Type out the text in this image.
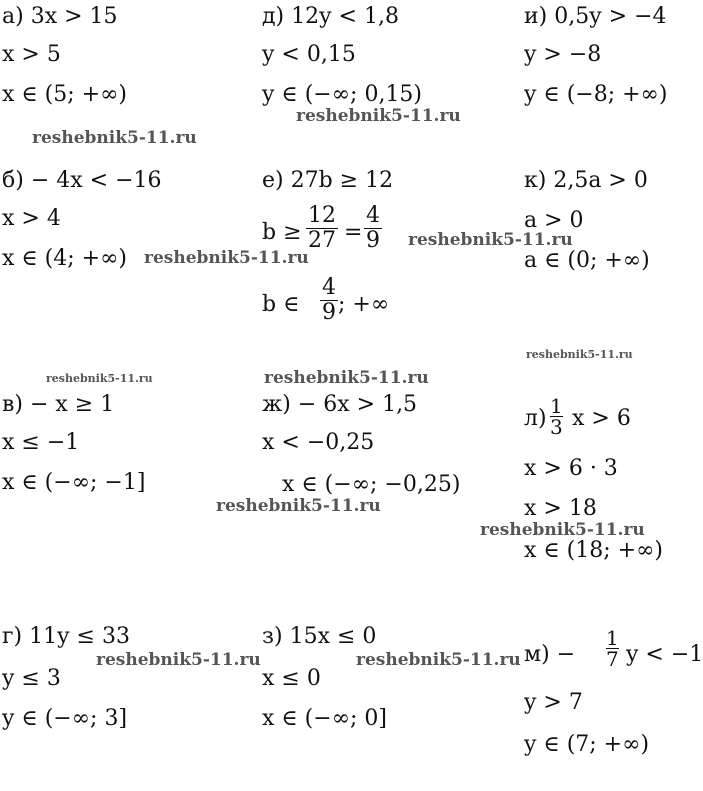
а) 3x > 15
x > 5
x ∈ (5; +∞)
б) − 4x < −16
x > 4
x ∈ (4; +∞)
в) − x ≥ 1
x ≤ −1
x ∈ (−∞; −1]
г) 11y ≤ 33
y ≤ 3
y ∈ (−∞; 3]
д) 12y < 1,8
y < 0,15
y ∈ (−∞; 0,15)
е) 27b ≥ 12
b ≥
12
27 =
4
9
b ∈
4
9 ; +∞
ж) − 6x > 1,5
x < −0,25
x ∈ (−∞; −0,25)
з) 15x ≤ 0
x ≤ 0
x ∈ (−∞; 0]
и) 0,5y > −4
y > −8
y ∈ (−8; +∞)
к) 2,5a > 0
a > 0
a ∈ (0; +∞)
л) 1
3 x > 6
x > 6 · 3
x > 18
x ∈ (18; +∞)
м) −
1
7 y < −1
y > 7
y ∈ (7; +∞)
reshebnik5-11.ru
reshebnik5-11.ru
reshebnik5-11.ru
reshebnik5-11.ru
reshebnik5-11.ru
reshebnik5-11.ru	reshebnik5-11.ru
reshebnik5-11.ru
reshebnik5-11.ru
reshebnik5-11.ru	reshebnik5-11.ru
